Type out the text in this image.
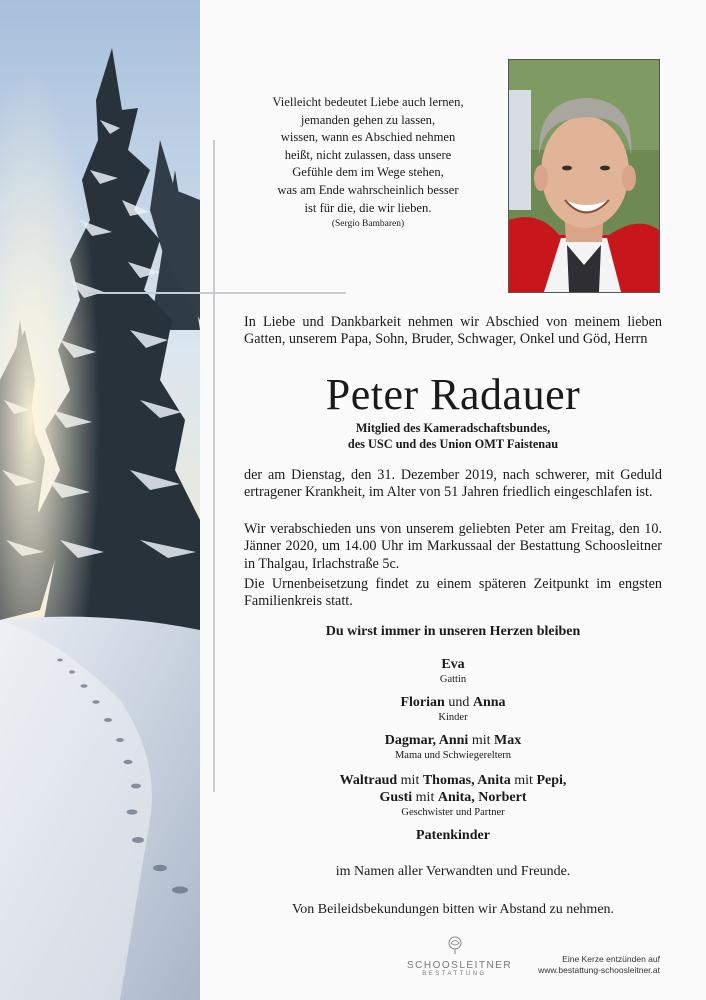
Vielleicht bedeutet Liebe auch lernen,
jemanden gehen zu lassen,
wissen, wann es Abschied nehmen
heißt, nicht zulassen, dass unsere
Gefühle dem im Wege stehen,
was am Ende wahrscheinlich besser
ist für die, die wir lieben.
(Sergio Bambaren)
In Liebe und Dankbarkeit nehmen wir Abschied von meinem lieben Gatten, unserem Papa, Sohn, Bruder, Schwager, Onkel und Göd, Herrn
Peter Radauer
Mitglied des Kameradschaftsbundes,
des USC und des Union OMT Faistenau
der am Dienstag, den 31. Dezember 2019, nach schwerer, mit Geduld ertragener Krankheit, im Alter von 51 Jahren friedlich eingeschlafen ist.
Wir verabschieden uns von unserem geliebten Peter am Freitag, den 10. Jänner 2020, um 14.00 Uhr im Markussaal der Bestattung Schoosleitner in Thalgau, Irlachstraße 5c.
Die Urnenbeisetzung findet zu einem späteren Zeitpunkt im engsten Familienkreis statt.
Du wirst immer in unseren Herzen bleiben
Eva
Gattin
Florian und Anna
Kinder
Dagmar, Anni mit Max
Mama und Schwiegereltern
Waltraud mit Thomas, Anita mit Pepi,
Gusti mit Anita, Norbert
Geschwister und Partner
Patenkinder
im Namen aller Verwandten und Freunde.
Von Beileidsbekundungen bitten wir Abstand zu nehmen.
SCHOOSLEITNER
BESTATTUNG
Eine Kerze entzünden auf
www.bestattung-schoosleitner.at
